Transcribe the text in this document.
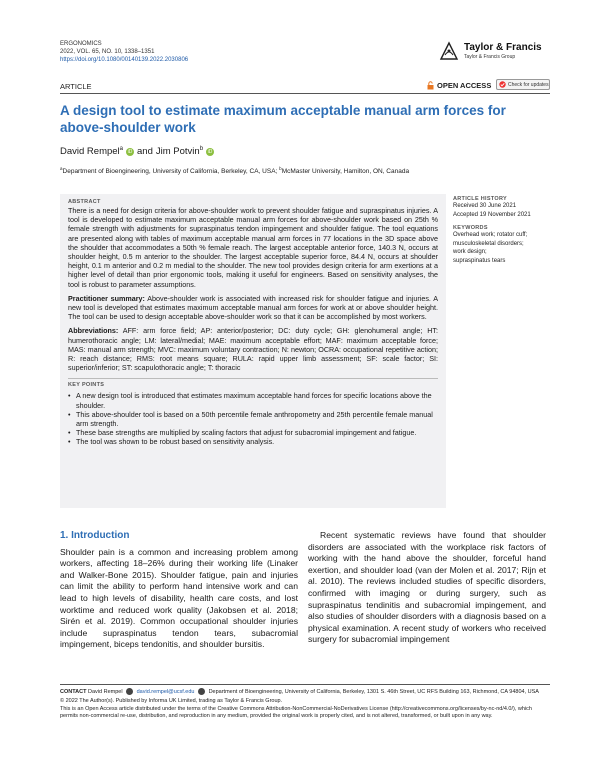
ERGONOMICS
2022, VOL. 65, NO. 10, 1338–1351
https://doi.org/10.1080/00140139.2022.2030806
Taylor & Francis
Taylor & Francis Group
ARTICLE	OPEN ACCESS	Check for updates
A design tool to estimate maximum acceptable manual arm forces for above-shoulder work
David Rempel$^a$ iD and Jim Potvin$^b$ iD
$^a$Department of Bioengineering, University of California, Berkeley, CA, USA; $^b$McMaster University, Hamilton, ON, Canada
ABSTRACT
There is a need for design criteria for above-shoulder work to prevent shoulder fatigue and supraspinatus injuries. A tool is developed to estimate maximum acceptable manual arm forces for above-shoulder work based on 25th % female strength with adjustments for supraspinatus tendon impingement and shoulder fatigue. The tool equations are presented along with tables of maximum acceptable manual arm forces in 77 locations in the 3D space above the shoulder that accommodates a 50th % female reach. The largest acceptable anterior force, 140.3 N, occurs at shoulder height, 0.5 m anterior to the shoulder. The largest acceptable superior force, 84.4 N, occurs at shoulder height, 0.1 m anterior and 0.2 m medial to the shoulder. The new tool provides design criteria for arm exertions at a higher level of detail than prior ergonomic tools, making it useful for engineers. Based on sensitivity analyses, the tool is robust to parameter assumptions.
Practitioner summary: Above-shoulder work is associated with increased risk for shoulder fatigue and injuries. A new tool is developed that estimates maximum acceptable manual arm forces for work at or above shoulder height. The tool can be used to design acceptable above-shoulder work so that it can be accomplished by most workers.
Abbreviations: AFF: arm force field; AP: anterior/posterior; DC: duty cycle; GH: glenohumeral angle; HT: humerothoracic angle; LM: lateral/medial; MAE: maximum acceptable effort; MAF: maximum acceptable force; MAS: manual arm strength; MVC: maximum voluntary contraction; N: newton; OCRA: occupational repetitive action; R: reach distance; RMS: root means square; RULA: rapid upper limb assessment; SF: scale factor; SI: superior/inferior; ST: scapulothoracic angle; T: thoracic
KEY POINTS
• A new design tool is introduced that estimates maximum acceptable hand forces for specific locations above the shoulder.
• This above-shoulder tool is based on a 50th percentile female anthropometry and 25th percentile female manual arm strength.
• These base strengths are multiplied by scaling factors that adjust for subacromial impingement and fatigue.
• The tool was shown to be robust based on sensitivity analysis.
ARTICLE HISTORY
Received 30 June 2021
Accepted 19 November 2021
KEYWORDS
Overhead work; rotator cuff;
musculoskeletal disorders;
work design;
supraspinatus tears
1. Introduction

Shoulder pain is a common and increasing problem among workers, affecting 18–26% during their working life (Linaker and Walker-Bone 2015). Shoulder fatigue, pain and injuries can limit the ability to perform hand intensive work and can lead to high levels of disability, health care costs, and lost worktime and reduced work quality (Jakobsen et al. 2018; Sirén et al. 2019). Common occupational shoulder injuries include supraspinatus tendon tears, subacromial impingement, biceps tendonitis, and shoulder bursitis.

Recent systematic reviews have found that shoulder disorders are associated with the workplace risk factors of working with the hand above the shoulder, forceful hand exertion, and shoulder load (van der Molen et al. 2017; Rijn et al. 2010). The reviews included studies of specific disorders, confirmed with imaging or during surgery, such as supraspinatus tendinitis and subacromial impingement, and also studies of shoulder disorders with a diagnosis based on a physical examination. A recent study of workers who received surgery for subacromial impingement

CONTACT David Rempel	david.rempel@ucsf.edu	Department of Bioengineering, University of California, Berkeley, 1301 S. 46th Street, UC RFS Building 163, Richmond, CA 94804, USA
© 2022 The Author(s). Published by Informa UK Limited, trading as Taylor & Francis Group.
This is an Open Access article distributed under the terms of the Creative Commons Attribution-NonCommercial-NoDerivatives License (http://creativecommons.org/licenses/by-nc-nd/4.0/), which permits non-commercial re-use, distribution, and reproduction in any medium, provided the original work is properly cited, and is not altered, transformed, or built upon in any way.
